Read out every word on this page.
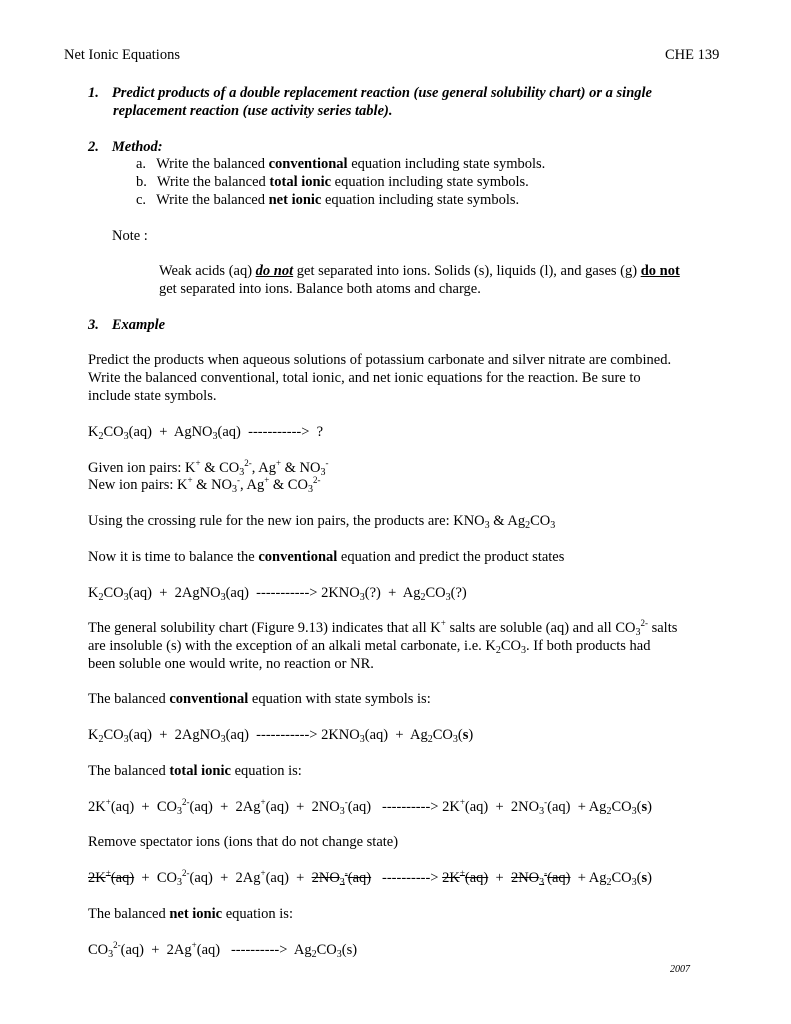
Net Ionic Equations	CHE 139
1. Predict products of a double replacement reaction (use general solubility chart) or a single
replacement reaction (use activity series table).
2. Method:
a. Write the balanced conventional equation including state symbols.
b. Write the balanced total ionic equation including state symbols.
c. Write the balanced net ionic equation including state symbols.
Note :
Weak acids (aq) do not get separated into ions. Solids (s), liquids (l), and gases (g) do not
get separated into ions. Balance both atoms and charge.
3. Example
Predict the products when aqueous solutions of potassium carbonate and silver nitrate are combined.
Write the balanced conventional, total ionic, and net ionic equations for the reaction. Be sure to
include state symbols.
$K_2CO_3(aq)$  +  AgNO$_3$(aq)  ----------->  ?
Given ion pairs: K+ & $CO_3^{2-}$, Ag+ & $NO_3^-$
New ion pairs: K+ & $NO_3^-$, Ag+ & $CO_3^{2-}$
Using the crossing rule for the new ion pairs, the products are: $KNO_3$ & $Ag_2CO_3$
Now it is time to balance the conventional equation and predict the product states
$K_2CO_3(aq)$  +  2AgNO$_3$(aq)  -----------> $2KNO_3(?)$  +  $Ag_2CO_3(?)$
The general solubility chart (Figure 9.13) indicates that all K+ salts are soluble (aq) and all $CO_3^{2-}$ salts
are insoluble (s) with the exception of an alkali metal carbonate, i.e. $K_2CO_3$. If both products had
been soluble one would write, no reaction or NR.
The balanced conventional equation with state symbols is:
$K_2CO_3(aq)$  +  2AgNO$_3$(aq)  -----------> $2KNO_3(aq) + Ag_2CO_3(s)$
The balanced total ionic equation is:
$2K^+(aq) + CO_3^{2-}(aq) + 2Ag^+(aq) + 2NO_3^-(aq)$   ----------> $2K^+(aq) + 2NO_3^-(aq) + Ag_2CO_3(s)$
Remove spectator ions (ions that do not change state)
$2K^+(aq) + CO_3^{2-}(aq) + 2Ag^+(aq) + 2NO_3^-(aq)$   ----------> $2K^+(aq) + 2NO_3^-(aq) + Ag_2CO_3(s)$
The balanced net ionic equation is:
$CO_3^{2-}(aq) + 2Ag^+(aq)$   ---------->  $Ag_2CO_3(s)$
2007
